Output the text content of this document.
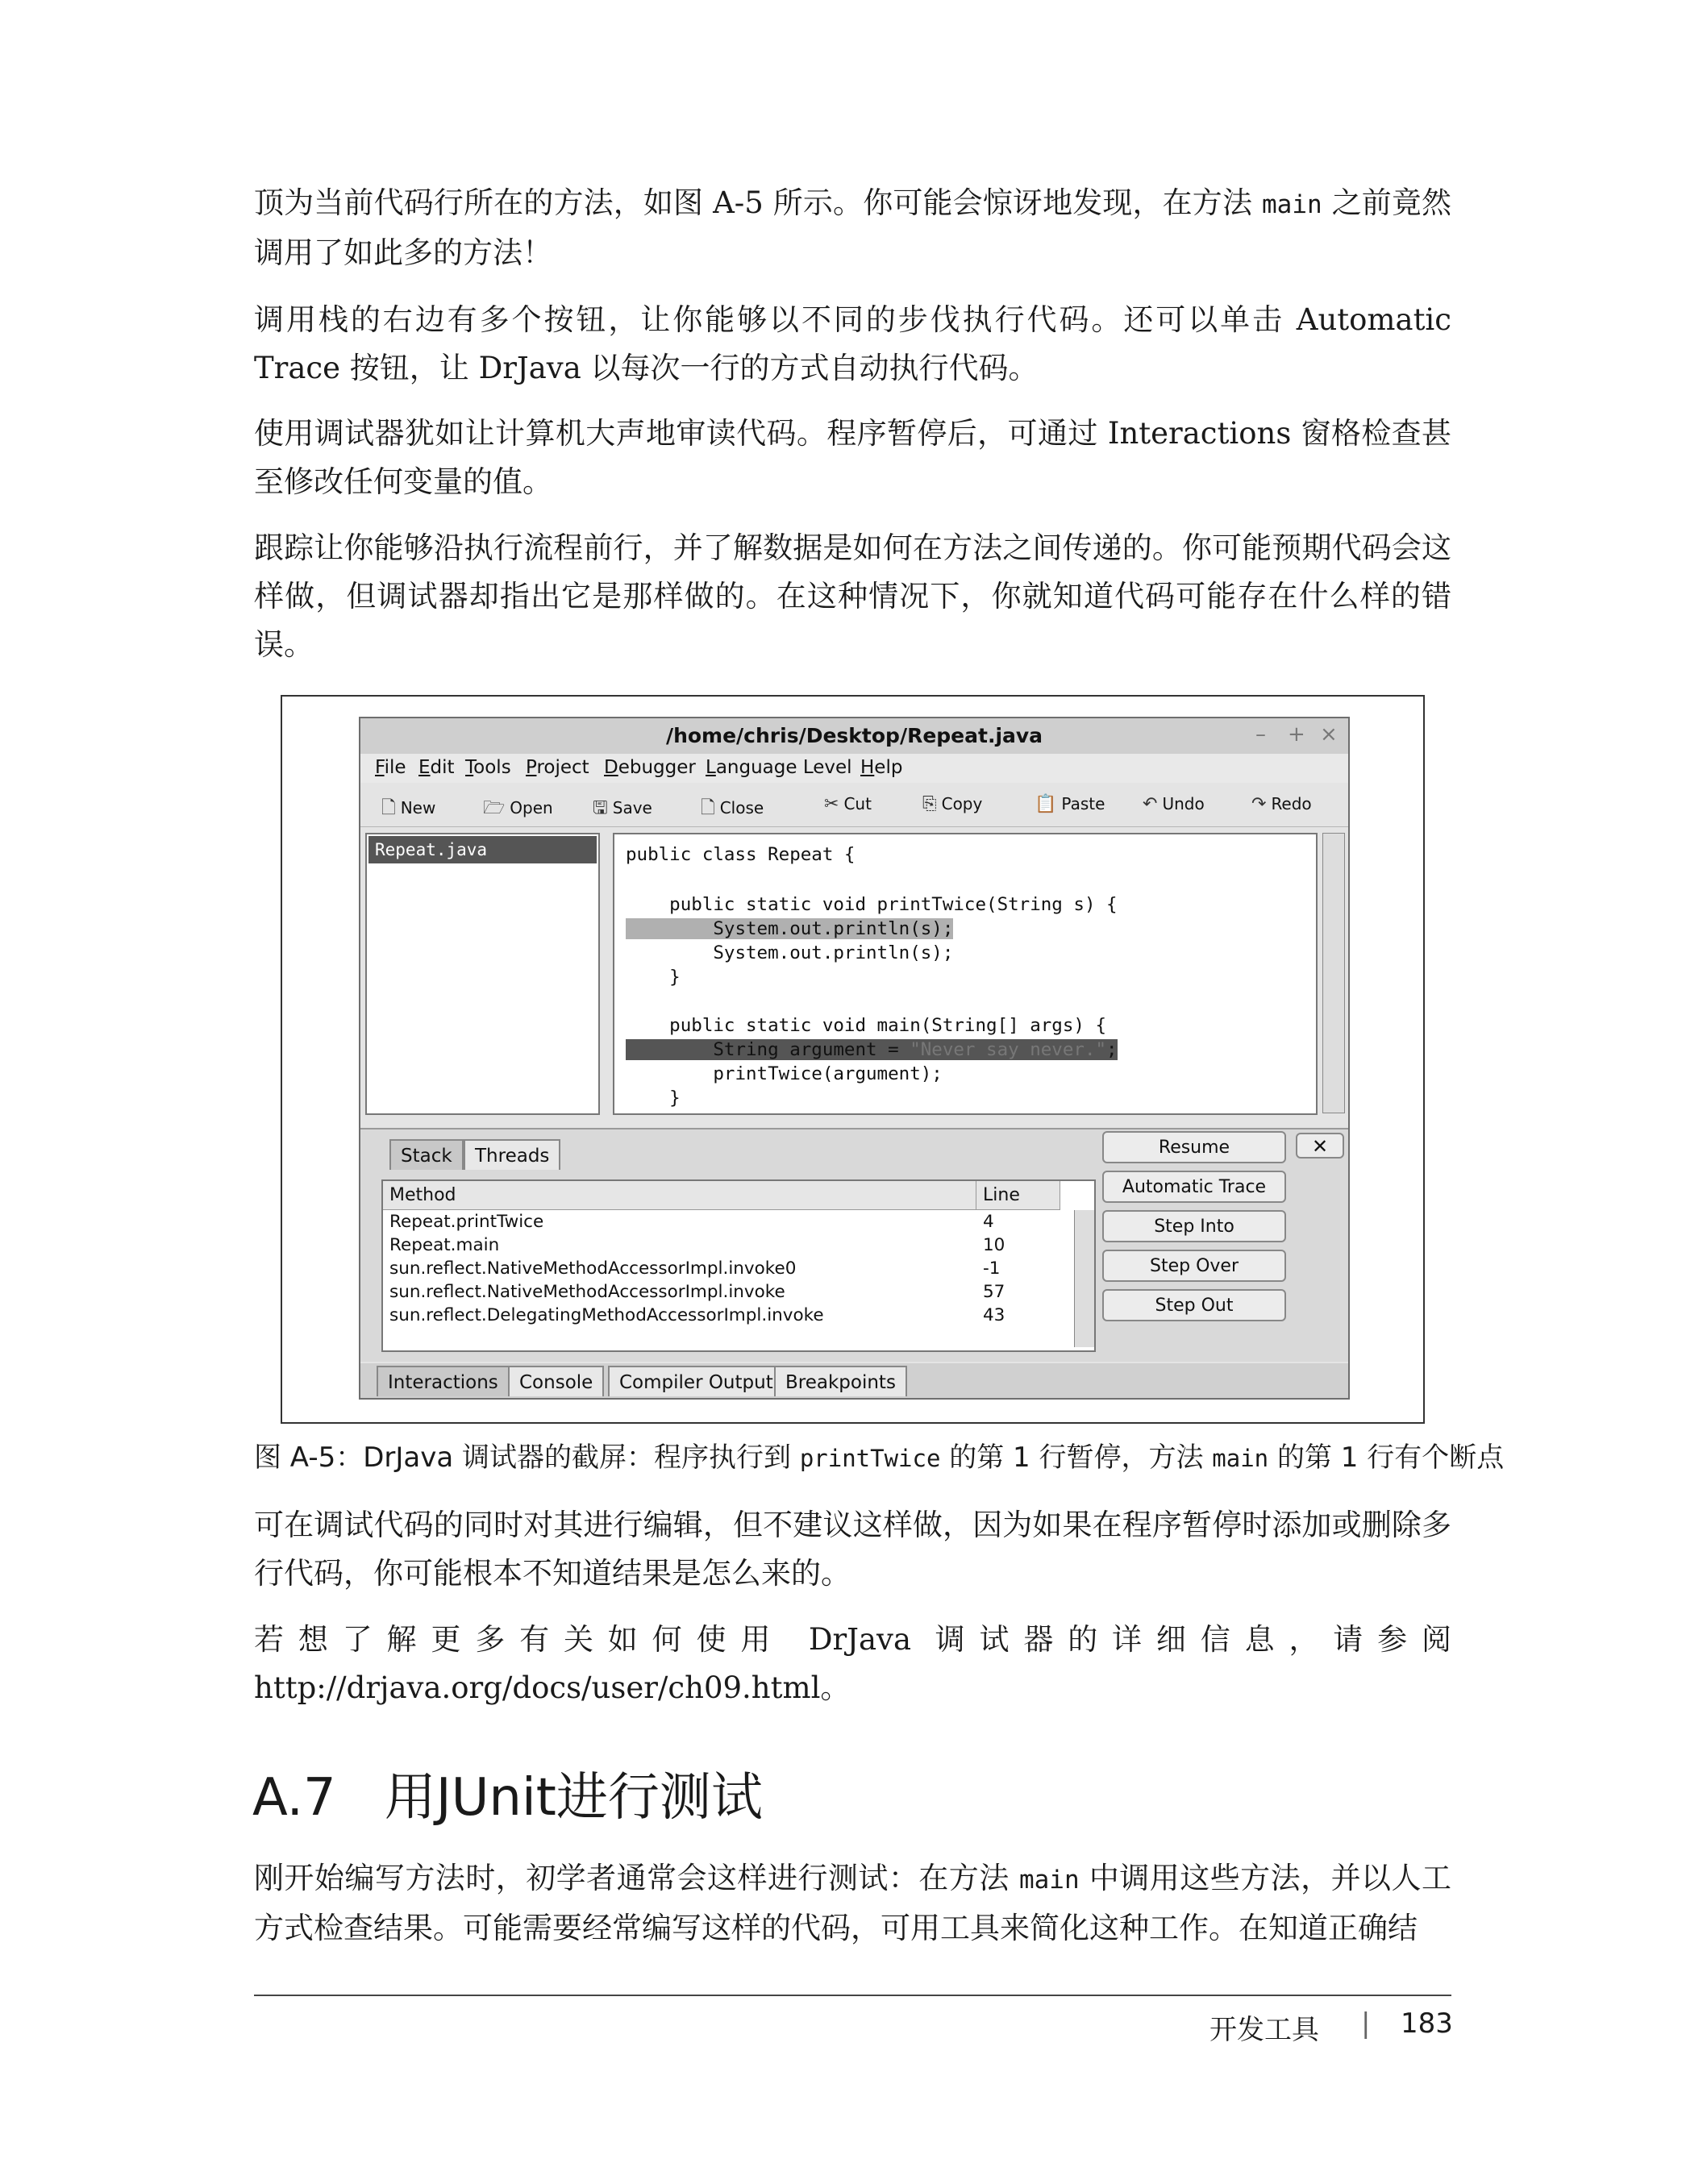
顶为当前代码行所在的方法，如图 A-5 所示。你可能会惊讶地发现，在方法 main 之前竟然调用了如此多的方法！

调用栈的右边有多个按钮，让你能够以不同的步伐执行代码。还可以单击 Automatic Trace 按钮，让 DrJava 以每次一行的方式自动执行代码。

使用调试器犹如让计算机大声地审读代码。程序暂停后，可通过 Interactions 窗格检查甚至修改任何变量的值。

跟踪让你能够沿执行流程前行，并了解数据是如何在方法之间传递的。你可能预期代码会这样做，但调试器却指出它是那样做的。在这种情况下，你就知道代码可能存在什么样的错误。

/home/chris/Desktop/Repeat.java	– + ×
File Edit Tools Project Debugger Language Level Help
🗋 New	🗁 Open 🖫 Save	🗋 Close	✂ Cut	⎘ Copy	📋 Paste ↶ Undo	↷ Redo
Repeat.java	public class Repeat {
public static void printTwice(String s) {
System.out.println(s);
System.out.println(s);
}
public static void main(String[] args) {
String argument = "Never say never.";
printTwice(argument);
}
Stack	Threads
Method	Line
Repeat.printTwice	4
Repeat.main	10
sun.reflect.NativeMethodAccessorImpl.invoke0	-1
sun.reflect.NativeMethodAccessorImpl.invoke	57
sun.reflect.DelegatingMethodAccessorImpl.invoke	43
✕
Resume
Automatic Trace
Step Into
Step Over
Step Out
Interactions	Console	Compiler Output Breakpoints
图 A-5：DrJava 调试器的截屏：程序执行到 printTwice 的第 1 行暂停，方法 main 的第 1 行有个断点

可在调试代码的同时对其进行编辑，但不建议这样做，因为如果在程序暂停时添加或删除多行代码，你可能根本不知道结果是怎么来的。

若想了解更多有关如何使用 DrJava 调试器的详细信息，请参阅 http://drjava.org/docs/user/ch09.html。

A.7 用JUnit进行测试

刚开始编写方法时，初学者通常会这样进行测试：在方法 main 中调用这些方法，并以人工方式检查结果。可能需要经常编写这样的代码，可用工具来简化这种工作。在知道正确结

开发工具 | 183
